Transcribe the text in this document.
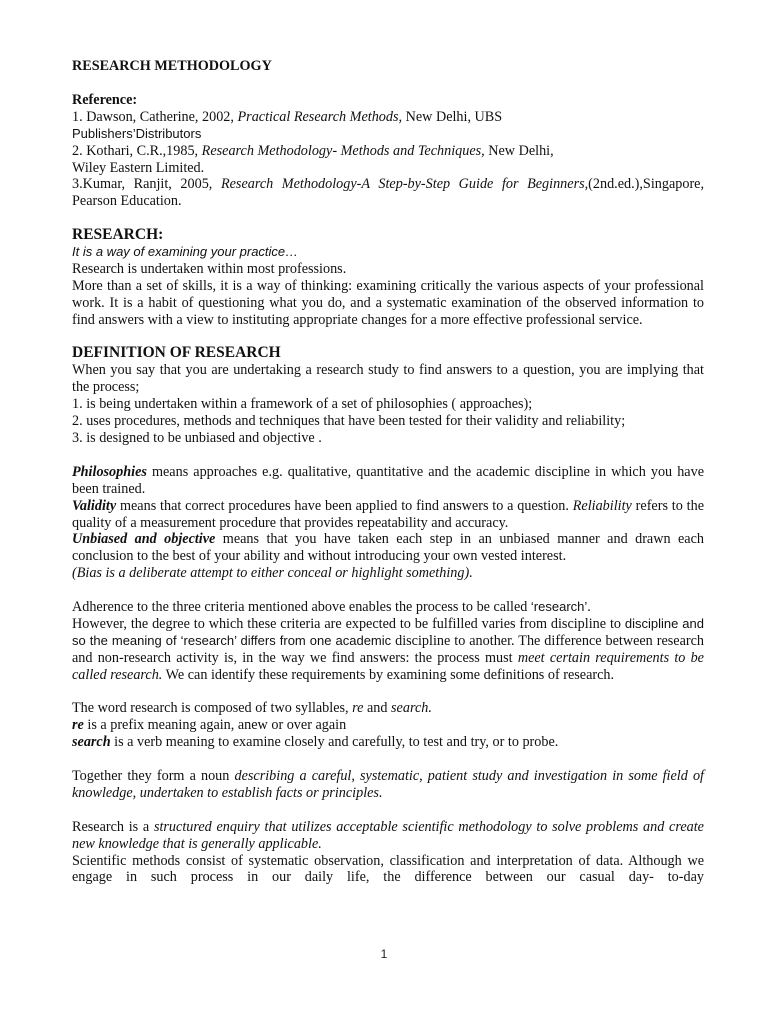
RESEARCH METHODOLOGY

Reference:

1. Dawson, Catherine, 2002, Practical Research Methods, New Delhi, UBS

Publishers’Distributors

2. Kothari, C.R.,1985, Research Methodology- Methods and Techniques, New Delhi,

Wiley Eastern Limited.

3.Kumar, Ranjit, 2005, Research Methodology-A Step-by-Step Guide for Beginners,(2nd.ed.),Singapore, Pearson Education.

RESEARCH:

It is a way of examining your practice…

Research is undertaken within most professions.

More than a set of skills, it is a way of thinking: examining critically the various aspects of your professional work. It is a habit of questioning what you do, and a systematic examination of the observed information to find answers with a view to instituting appropriate changes for a more effective professional service.

DEFINITION OF RESEARCH

When you say that you are undertaking a research study to find answers to a question, you are implying that the process;

1. is being undertaken within a framework of a set of philosophies ( approaches);

2. uses procedures, methods and techniques that have been tested for their validity and reliability;

3. is designed to be unbiased and objective .

Philosophies means approaches e.g. qualitative, quantitative and the academic discipline in which you have been trained.

Validity means that correct procedures have been applied to find answers to a question. Reliability refers to the quality of a measurement procedure that provides repeatability and accuracy.

Unbiased and objective means that you have taken each step in an unbiased manner and drawn each conclusion to the best of your ability and without introducing your own vested interest.

(Bias is a deliberate attempt to either conceal or highlight something).

Adherence to the three criteria mentioned above enables the process to be called ‘research’.

However, the degree to which these criteria are expected to be fulfilled varies from discipline to discipline and so the meaning of ‘research’ differs from one academic discipline to another. The difference between research and non-research activity is, in the way we find answers: the process must meet certain requirements to be called research. We can identify these requirements by examining some definitions of research.

The word research is composed of two syllables, re and search.

re is a prefix meaning again, anew or over again

search is a verb meaning to examine closely and carefully, to test and try, or to probe.

Together they form a noun describing a careful, systematic, patient study and investigation in some field of knowledge, undertaken to establish facts or principles.

Research is a structured enquiry that utilizes acceptable scientific methodology to solve problems and create new knowledge that is generally applicable.

Scientific methods consist of systematic observation, classification and interpretation of data. Although we engage in such process in our daily life, the difference between our casual day- to-day

1
